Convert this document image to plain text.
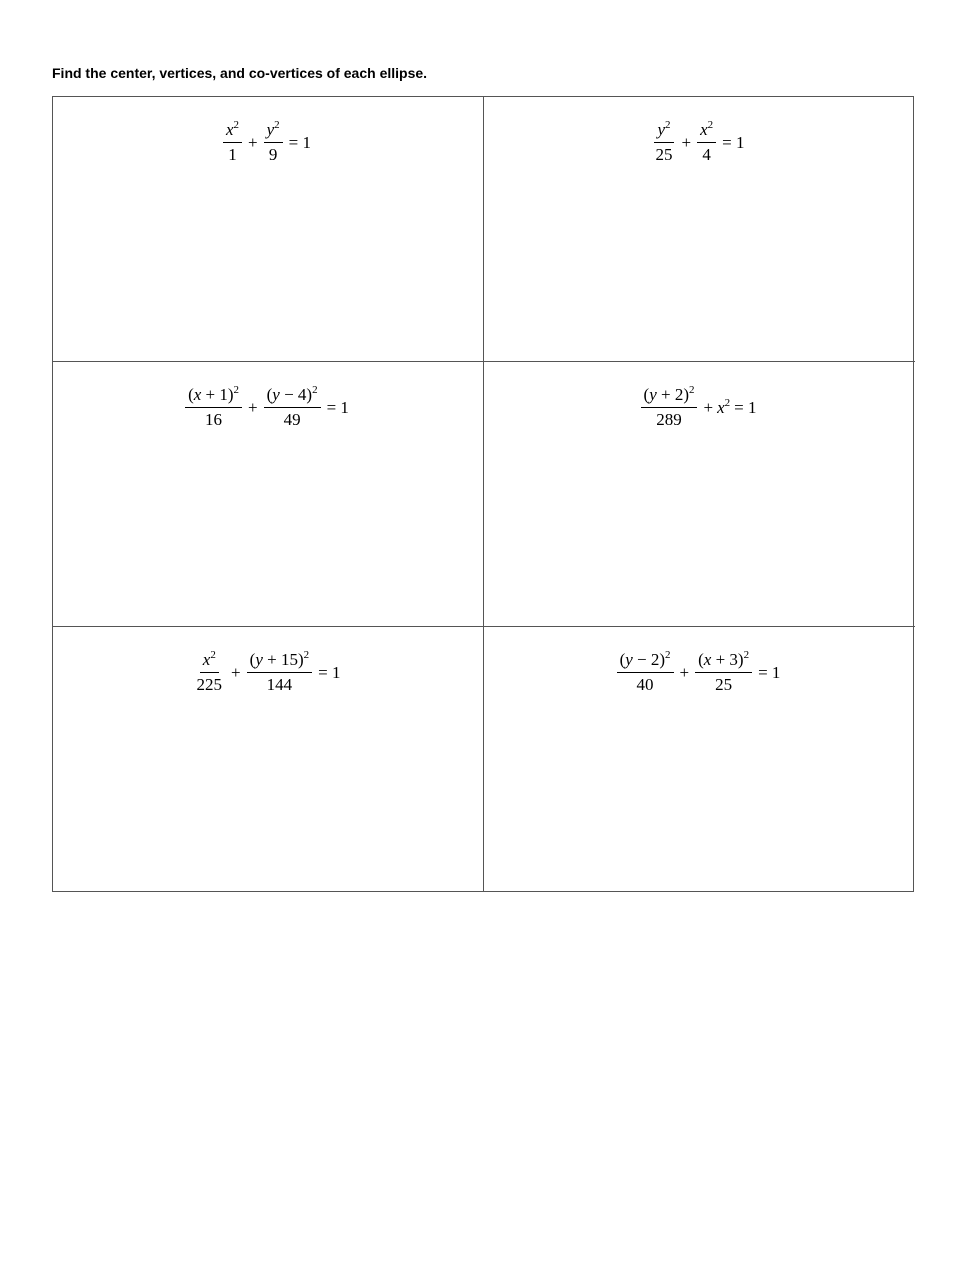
Find the center, vertices, and co-vertices of each ellipse.
$\frac{x^2}{1} + \frac{y^2}{9} = 1$	$\frac{y^2}{25} + \frac{x^2}{4} = 1$
$\frac{(x + 1)^2}{16} + \frac{(y - 4)^2}{49} = 1$	$\frac{(y + 2)^2}{289} + x^2 = 1$
$\frac{x^2}{225} + \frac{(y + 15)^2}{144} = 1$	$\frac{(y - 2)^2}{40} + \frac{(x + 3)^2}{25} = 1$
